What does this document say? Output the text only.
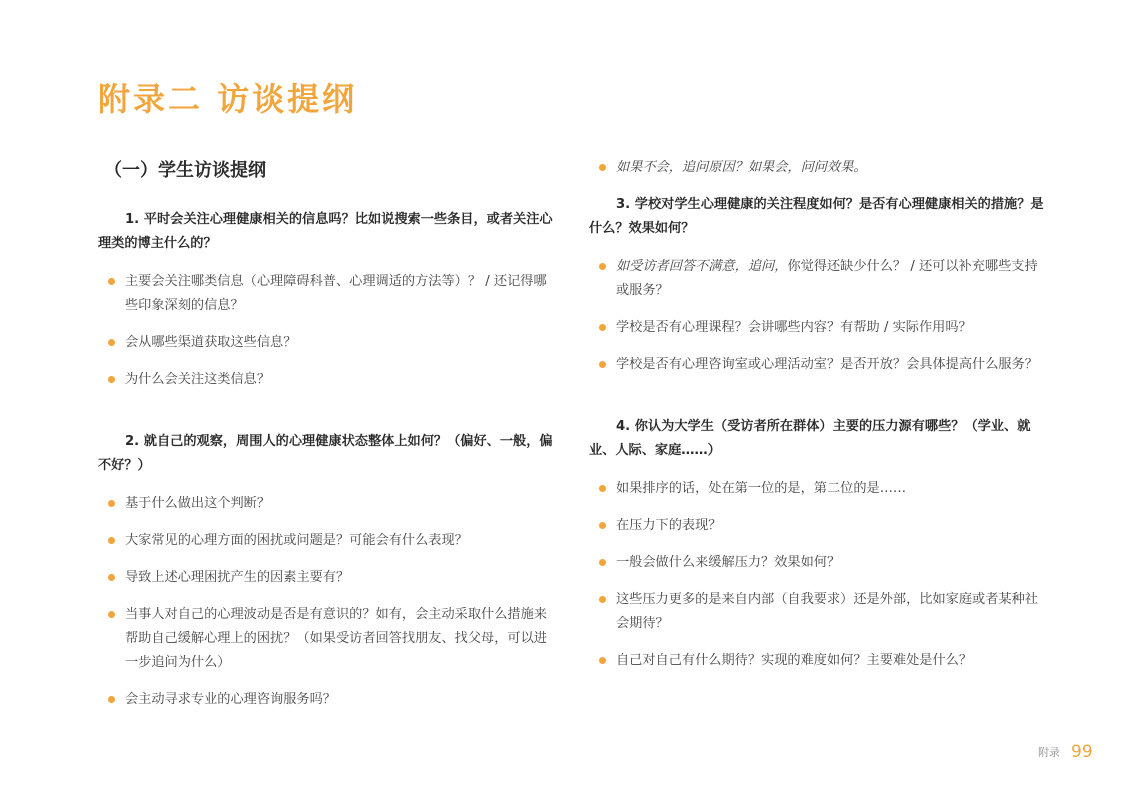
附录二 访谈提纲
（一）学生访谈提纲
1. 平时会关注心理健康相关的信息吗？比如说搜索一些条目，或者关注心理类的博主什么的？
主要会关注哪类信息（心理障碍科普、心理调适的方法等）？ / 还记得哪些印象深刻的信息？
会从哪些渠道获取这些信息？
为什么会关注这类信息？
2. 就自己的观察，周围人的心理健康状态整体上如何？（偏好、一般，偏不好？）
基于什么做出这个判断？
大家常见的心理方面的困扰或问题是？可能会有什么表现？
导致上述心理困扰产生的因素主要有？
当事人对自己的心理波动是否是有意识的？如有，会主动采取什么措施来帮助自己缓解心理上的困扰？（如果受访者回答找朋友、找父母，可以进一步追问为什么）
会主动寻求专业的心理咨询服务吗？
如果不会，追问原因？如果会，问问效果。
3. 学校对学生心理健康的关注程度如何？是否有心理健康相关的措施？是什么？效果如何？
如受访者回答不满意，追问，你觉得还缺少什么？ / 还可以补充哪些支持或服务？
学校是否有心理课程？会讲哪些内容？有帮助 / 实际作用吗？
学校是否有心理咨询室或心理活动室？是否开放？会具体提高什么服务？
4. 你认为大学生（受访者所在群体）主要的压力源有哪些？（学业、就业、人际、家庭……）
如果排序的话，处在第一位的是，第二位的是……
在压力下的表现？
一般会做什么来缓解压力？效果如何？
这些压力更多的是来自内部（自我要求）还是外部，比如家庭或者某种社会期待？
自己对自己有什么期待？实现的难度如何？主要难处是什么？
附录 99
